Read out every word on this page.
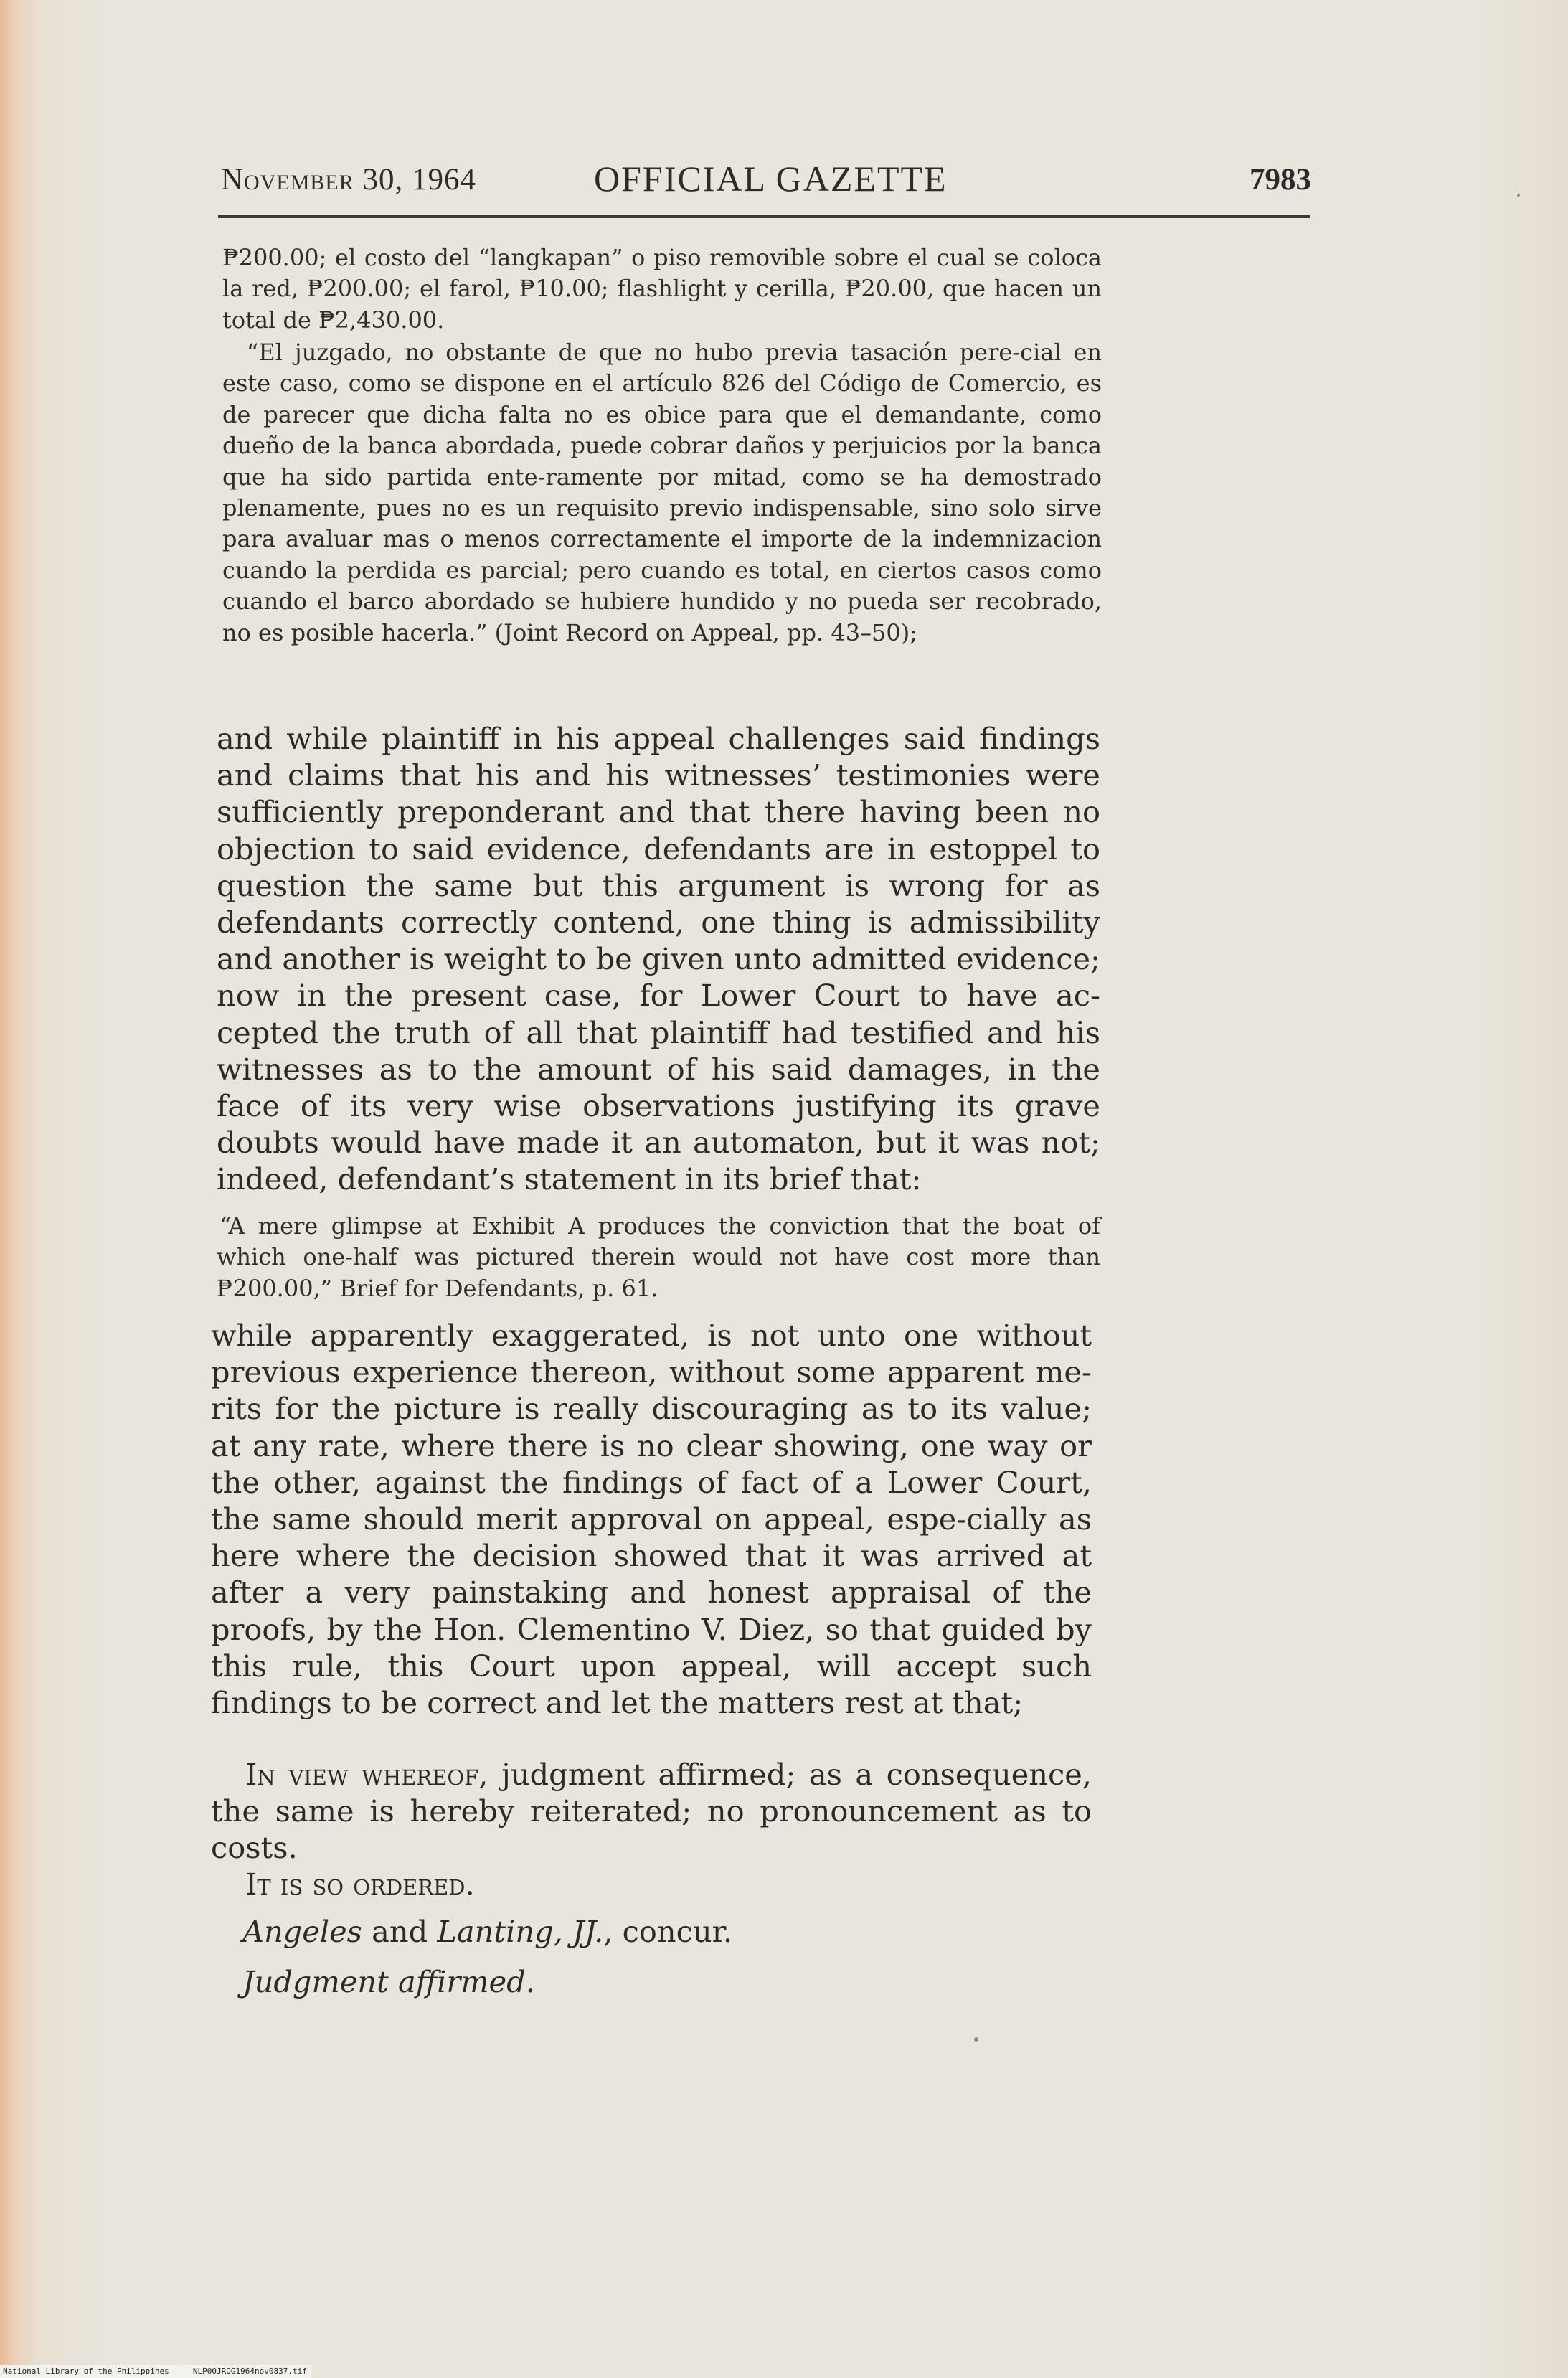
November 30, 1964	OFFICIAL GAZETTE	7983

₱200.00; el costo del “langkapan” o piso removible sobre el cual se coloca la red, ₱200.00; el farol, ₱10.00; flashlight y cerilla, ₱20.00, que hacen un total de ₱2,430.00.

“El juzgado, no obstante de que no hubo previa tasación pere-cial en este caso, como se dispone en el artículo 826 del Código de Comercio, es de parecer que dicha falta no es obice para que el demandante, como dueño de la banca abordada, puede cobrar daños y perjuicios por la banca que ha sido partida ente-ramente por mitad, como se ha demostrado plenamente, pues no es un requisito previo indispensable, sino solo sirve para avaluar mas o menos correctamente el importe de la indemnizacion cuando la perdida es parcial; pero cuando es total, en ciertos casos como cuando el barco abordado se hubiere hundido y no pueda ser recobrado, no es posible hacerla.” (Joint Record on Appeal, pp. 43–50);

and while plaintiff in his appeal challenges said findings and claims that his and his witnesses’ testimonies were sufficiently preponderant and that there having been no objection to said evidence, defendants are in estoppel to question the same but this argument is wrong for as defendants correctly contend, one thing is admissibility and another is weight to be given unto admitted evidence; now in the present case, for Lower Court to have ac-cepted the truth of all that plaintiff had testified and his witnesses as to the amount of his said damages, in the face of its very wise observations justifying its grave doubts would have made it an automaton, but it was not; indeed, defendant’s statement in its brief that:

“A mere glimpse at Exhibit A produces the conviction that the boat of which one-half was pictured therein would not have cost more than ₱200.00,” Brief for Defendants, p. 61.

while apparently exaggerated, is not unto one without previous experience thereon, without some apparent me-rits for the picture is really discouraging as to its value; at any rate, where there is no clear showing, one way or the other, against the findings of fact of a Lower Court, the same should merit approval on appeal, espe-cially as here where the decision showed that it was arrived at after a very painstaking and honest appraisal of the proofs, by the Hon. Clementino V. Diez, so that guided by this rule, this Court upon appeal, will accept such findings to be correct and let the matters rest at that;

In view whereof, judgment affirmed; as a consequence, the same is hereby reiterated; no pronouncement as to costs.

It is so ordered.

Angeles and Lanting, JJ., concur.

Judgment affirmed.

National Library of the Philippines     NLP00JROG1964nov0837.tif
